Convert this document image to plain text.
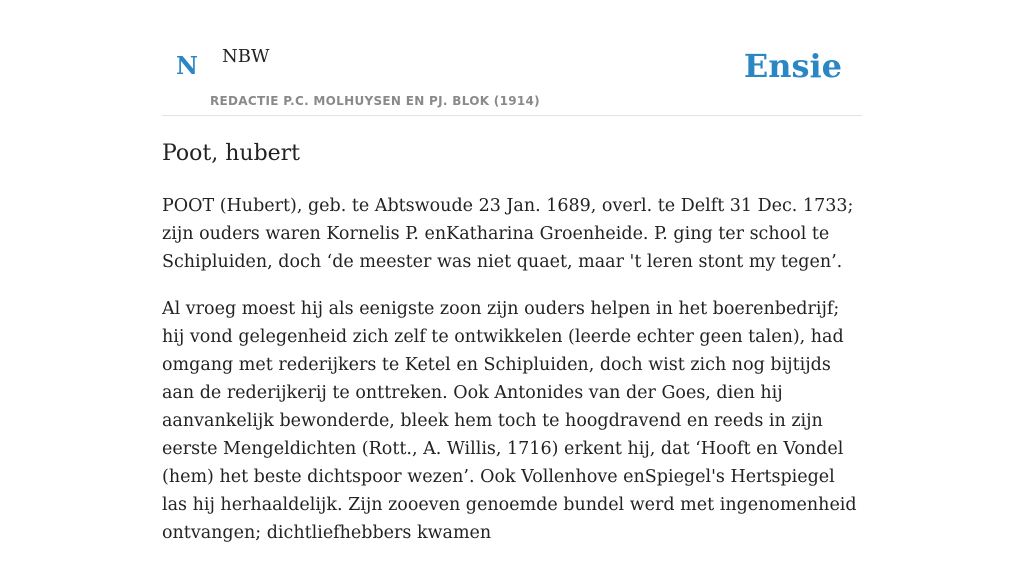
N NBW
REDACTIE P.C. MOLHUYSEN EN PJ. BLOK (1914)
Ensie
Poot, hubert

POOT (Hubert), geb. te Abtswoude 23 Jan. 1689, overl. te Delft 31 Dec. 1733; zijn ouders waren Kornelis P. enKatharina Groenheide. P. ging ter school te Schipluiden, doch ‘de meester was niet quaet, maar 't leren stont my tegen’.

Al vroeg moest hij als eenigste zoon zijn ouders helpen in het boerenbedrijf; hij vond gelegenheid zich zelf te ontwikkelen (leerde echter geen talen), had omgang met rederijkers te Ketel en Schipluiden, doch wist zich nog bijtijds aan de rederijkerij te onttreken. Ook Antonides van der Goes, dien hij aanvankelijk bewonderde, bleek hem toch te hoogdravend en reeds in zijn eerste Mengeldichten (Rott., A. Willis, 1716) erkent hij, dat ‘Hooft en Vondel (hem) het beste dichtspoor wezen’. Ook Vollenhove enSpiegel's Hertspiegel las hij herhaaldelijk. Zijn zooeven genoemde bundel werd met ingenomenheid ontvangen; dichtliefhebbers kwamen
